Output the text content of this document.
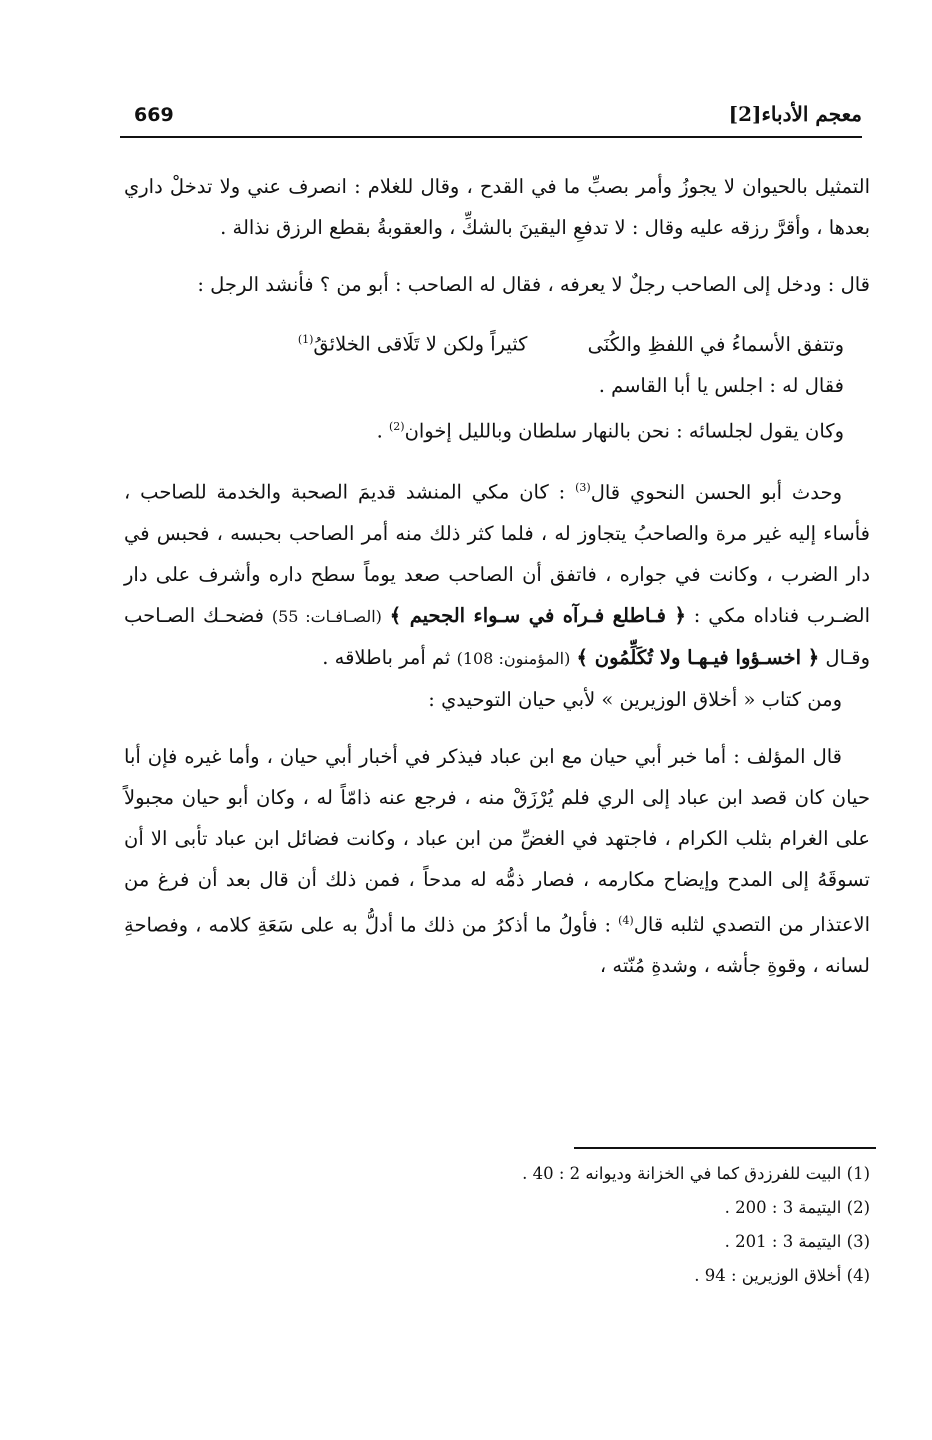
669	معجم الأدباء[2]

التمثيل بالحيوان لا يجوزُ وأمر بصبِّ ما في القدح ، وقال للغلام : انصرف عني ولا تدخلْ داري بعدها ، وأقرَّ رزقه عليه وقال : لا تدفعِ اليقينَ بالشكِّ ، والعقوبةُ بقطع الرزق نذالة .

قال : ودخل إلى الصاحب رجلٌ لا يعرفه ، فقال له الصاحب : أبو من ؟ فأنشد الرجل :

وتتفق الأسماءُ في اللفظِ والكُنَى كثيراً ولكن لا تَلَاقى الخلائقُ$^{(1)}$

فقال له : اجلس يا أبا القاسم .

وكان يقول لجلسائه : نحن بالنهار سلطان وبالليل إخوان$^{(2)}$ .

وحدث أبو الحسن النحوي قال$^{(3)}$ : كان مكي المنشد قديمَ الصحبة والخدمة للصاحب ، فأساء إليه غير مرة والصاحبُ يتجاوز له ، فلما كثر ذلك منه أمر الصاحب بحبسه ، فحبس في دار الضرب ، وكانت في جواره ، فاتفق أن الصاحب صعد يوماً سطح داره وأشرف على دار الضـرب فناداه مكي : ﴿ فـاطلع فـرآه في سـواء الجحيم ﴾ (الصـافـات: 55) فضحـك الصـاحب وقـال ﴿ اخسـؤوا فيـهـا ولا تُكَلِّمُون ﴾ (المؤمنون: 108) ثم أمر باطلاقه .

ومن كتاب « أخلاق الوزيرين » لأبي حيان التوحيدي :

قال المؤلف : أما خبر أبي حيان مع ابن عباد فيذكر في أخبار أبي حيان ، وأما غيره فإن أبا حيان كان قصد ابن عباد إلى الري فلم يُرْزَقْ منه ، فرجع عنه ذامّاً له ، وكان أبو حيان مجبولاً على الغرام بثلب الكرام ، فاجتهد في الغضِّ من ابن عباد ، وكانت فضائل ابن عباد تأبى الا أن تسوقَهُ إلى المدح وإيضاح مكارمه ، فصار ذمُّه له مدحاً ، فمن ذلك أن قال بعد أن فرغ من الاعتذار من التصدي لثلبه قال$^{(4)}$ : فأولُ ما أذكرُ من ذلك ما أدلُّ به على سَعَةِ كلامه ، وفصاحةِ لسانه ، وقوةِ جأشه ، وشدةِ مُنّته ،

(1) البيت للفرزدق كما في الخزانة وديوانه 2 : 40 .

(2) اليتيمة 3 : 200 .

(3) اليتيمة 3 : 201 .

(4) أخلاق الوزيرين : 94 .
